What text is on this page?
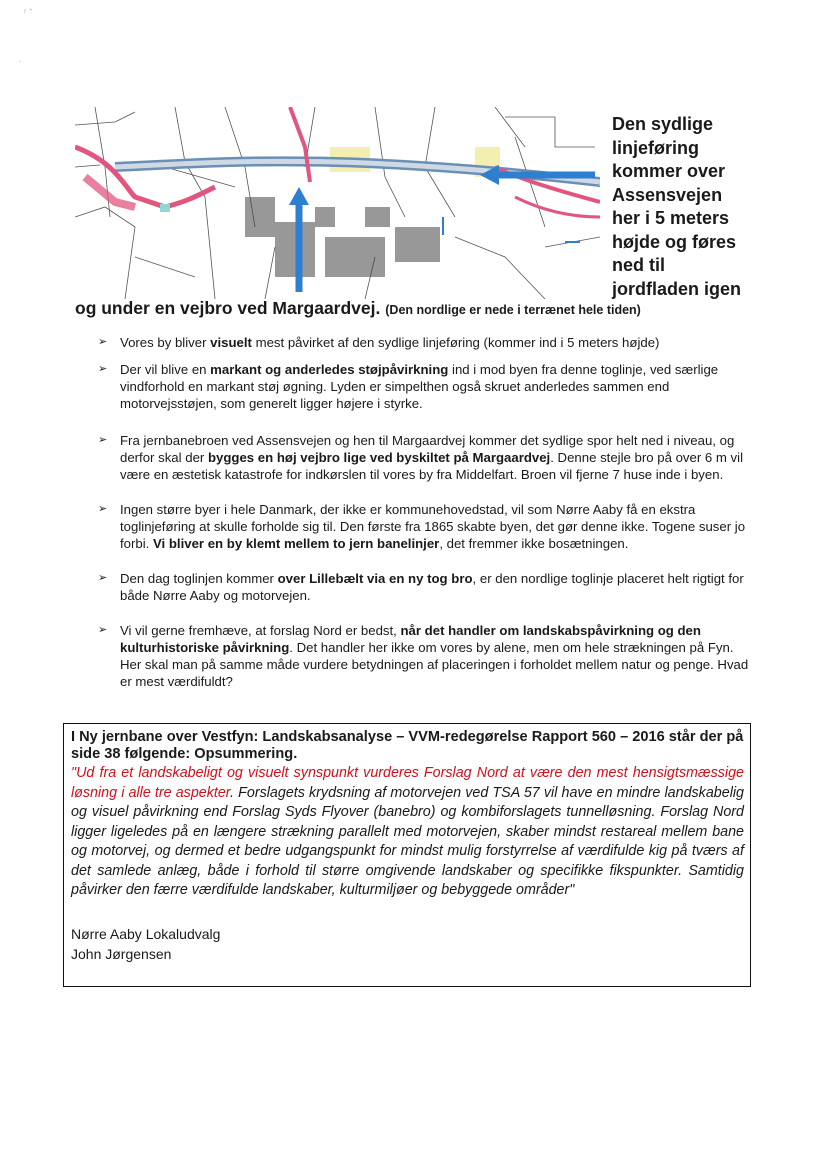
ʳ ˇ
·
Den sydlige
linjeføring
kommer over
Assensvejen
her i 5 meters
højde og føres
ned til
jordfladen igen
og under en vejbro ved Margaardvej. (Den nordlige er nede i terrænet hele tiden)
➢ Vores by bliver visuelt mest påvirket af den sydlige linjeføring (kommer ind i 5 meters højde)
➢ Der vil blive en markant og anderledes støjpåvirkning ind i mod byen fra denne toglinje, ved særlige vindforhold en markant støj øgning. Lyden er simpelthen også skruet anderledes sammen end motorvejsstøjen, som generelt ligger højere i styrke.
➢ Fra jernbanebroen ved Assensvejen og hen til Margaardvej kommer det sydlige spor helt ned i niveau, og derfor skal der bygges en høj vejbro lige ved byskiltet på Margaardvej. Denne stejle bro på over 6 m vil være en æstetisk katastrofe for indkørslen til vores by fra Middelfart. Broen vil fjerne 7 huse inde i byen.
➢ Ingen større byer i hele Danmark, der ikke er kommunehovedstad, vil som Nørre Aaby få en ekstra toglinjeføring at skulle forholde sig til. Den første fra 1865 skabte byen, det gør denne ikke. Togene suser jo forbi. Vi bliver en by klemt mellem to jern banelinjer, det fremmer ikke bosætningen.
➢ Den dag toglinjen kommer over Lillebælt via en ny tog bro, er den nordlige toglinje placeret helt rigtigt for både Nørre Aaby og motorvejen.
➢ Vi vil gerne fremhæve, at forslag Nord er bedst, når det handler om landskabspåvirkning og den kulturhistoriske påvirkning. Det handler her ikke om vores by alene, men om hele strækningen på Fyn. Her skal man på samme måde vurdere betydningen af placeringen i forholdet mellem natur og penge. Hvad er mest værdifuldt?
I Ny jernbane over Vestfyn: Landskabsanalyse – VVM-redegørelse Rapport 560 – 2016 står der på side 38 følgende: Opsummering.
"Ud fra et landskabeligt og visuelt synspunkt vurderes Forslag Nord at være den mest hensigtsmæssige løsning i alle tre aspekter. Forslagets krydsning af motorvejen ved TSA 57 vil have en mindre landskabelig og visuel påvirkning end Forslag Syds Flyover (banebro) og kombiforslagets tunnelløsning. Forslag Nord ligger ligeledes på en længere strækning parallelt med motorvejen, skaber mindst restareal mellem bane og motorvej, og dermed et bedre udgangspunkt for mindst mulig forstyrrelse af værdifulde kig på tværs af det samlede anlæg, både i forhold til større omgivende landskaber og specifikke fikspunkter. Samtidig påvirker den færre værdifulde landskaber, kulturmiljøer og bebyggede områder"
Nørre Aaby Lokaludvalg
John Jørgensen
